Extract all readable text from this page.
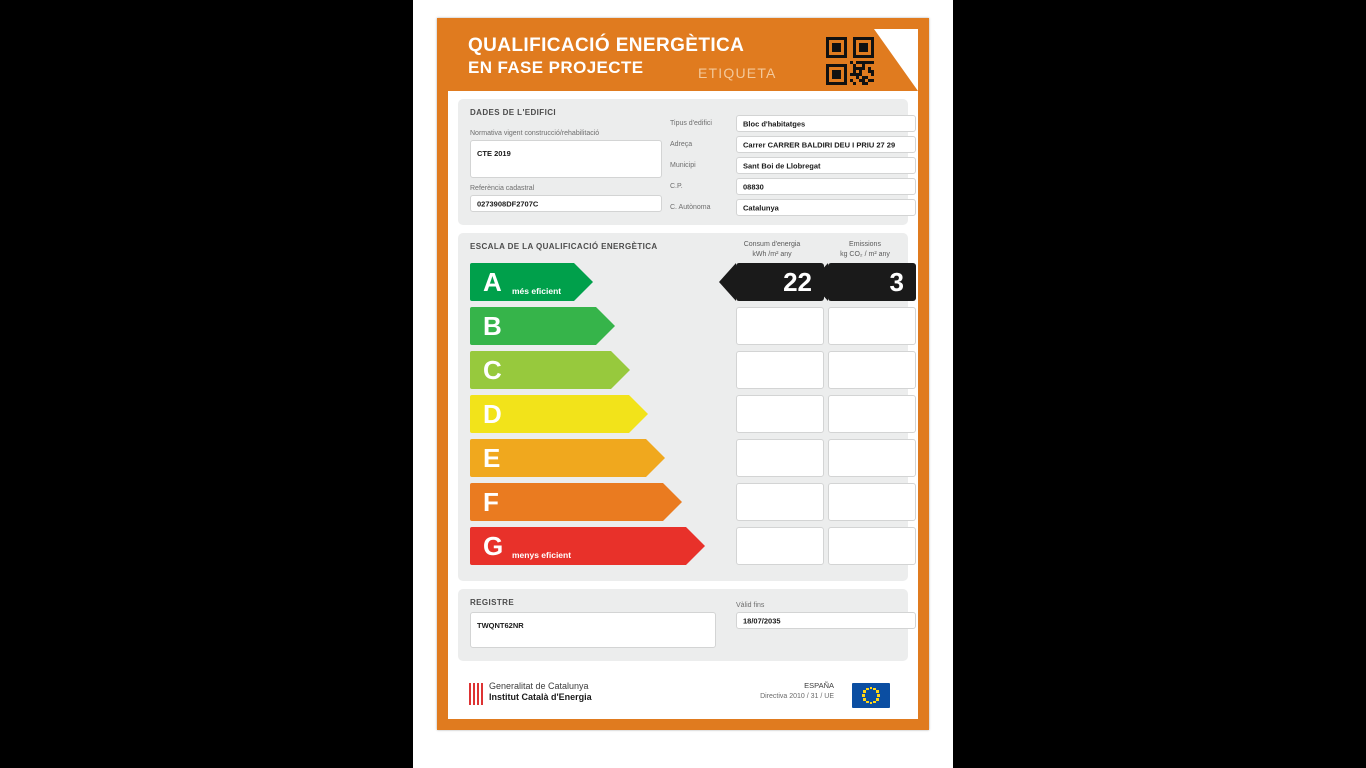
QUALIFICACIÓ ENERGÈTICA
EN FASE PROJECTE	ETIQUETA
DADES DE L'EDIFICI
Normativa vigent construcció/rehabilitació
CTE 2019
Referència cadastral
0273908DF2707C
Tipus d'edifici	Bloc d'habitatges
Adreça	Carrer CARRER BALDIRI DEU I PRIU 27 29
Municipi	Sant Boi de Llobregat
C.P.	08830
C. Autònoma	Catalunya
ESCALA DE LA QUALIFICACIÓ ENERGÈTICA	Consum d'energia
kWh /m² any
Emissions
kg CO₂ / m² any
A més eficient	22	3
B
C
D
E
F
G menys eficient
REGISTRE
TWQNT62NR
Vàlid fins
18/07/2035
Generalitat de Catalunya
Institut Català d'Energia
ESPAÑA
Directiva 2010 / 31 / UE
